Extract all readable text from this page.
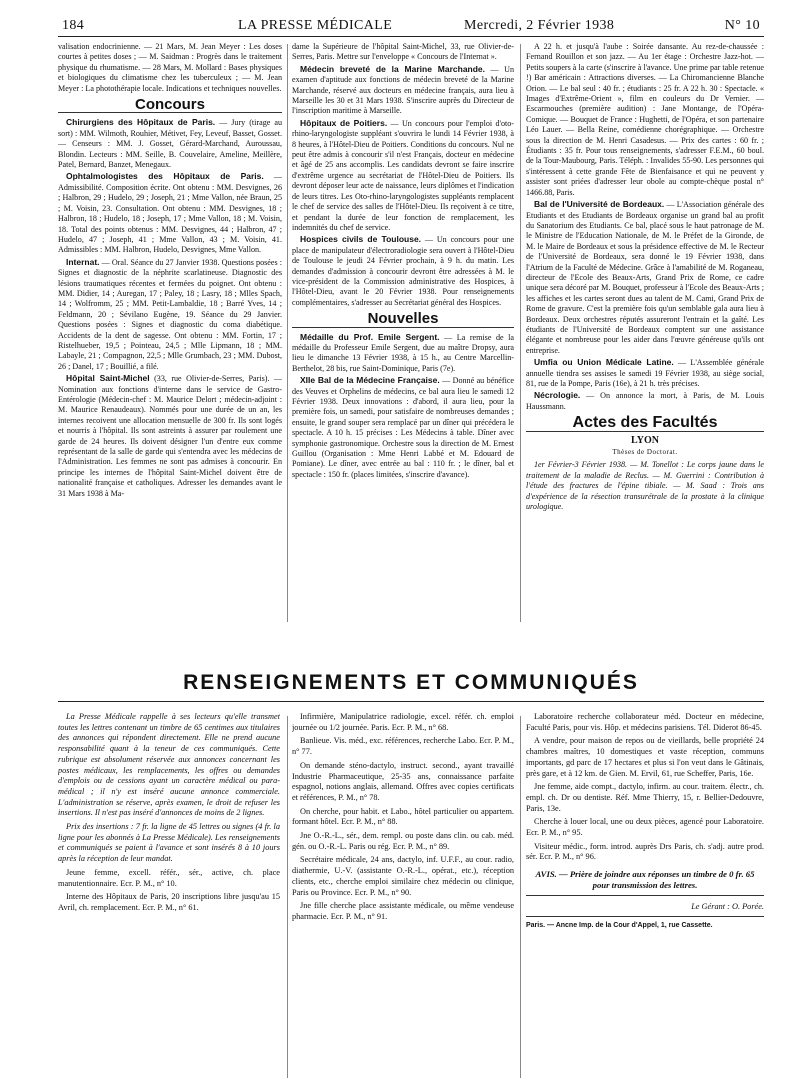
184	LA PRESSE MÉDICALE	Mercredi, 2 Février 1938	N° 10

valisation endocrinienne. — 21 Mars, M. Jean Meyer : Les doses courtes à petites doses ; — M. Saidman : Progrès dans le traitement physique du rhumatisme. — 28 Mars, M. Mollard : Bases physiques et biologiques du climatisme chez les tuberculeux ; — M. Jean Meyer : La photothérapie locale. Indications et techniques nouvelles.

Concours

Chirurgiens des Hôpitaux de Paris. — Jury (tirage au sort) : MM. Wilmoth, Rouhier, Métivet, Fey, Leveuf, Basset, Gosset. — Censeurs : MM. J. Gosset, Gérard-Marchand, Auroussau, Blondin. Lecteurs : MM. Seille, B. Couvelaire, Ameline, Meillère, Patel, Bernard, Banzet, Menegaux.

Ophtalmologistes des Hôpitaux de Paris. — Admissibilité. Composition écrite. Ont obtenu : MM. Desvignes, 26 ; Halbron, 29 ; Hudelo, 29 ; Joseph, 21 ; Mme Vallon, née Braun, 25 ; M. Voisin, 23. Consultation. Ont obtenu : MM. Desvignes, 18 ; Halbron, 18 ; Hudelo, 18 ; Joseph, 17 ; Mme Vallon, 18 ; M. Voisin, 18. Total des points obtenus : MM. Desvignes, 44 ; Halbron, 47 ; Hudelo, 47 ; Joseph, 41 ; Mme Vallon, 43 ; M. Voisin, 41. Admissibles : MM. Halbron, Hudelo, Desvignes, Mme Vallon.

Internat. — Oral. Séance du 27 Janvier 1938. Questions posées : Signes et diagnostic de la néphrite scarlatineuse. Diagnostic des lésions traumatiques récentes et fermées du poignet. Ont obtenu : MM. Didier, 14 ; Auregan, 17 ; Paley, 18 ; Lasry, 18 ; Mlles Spach, 14 ; Wolfromm, 25 ; MM. Petit-Lambaldie, 18 ; Barré Yves, 14 ; Feldmann, 20 ; Sévilano Eugène, 19. Séance du 29 Janvier. Questions posées : Signes et diagnostic du coma diabétique. Accidents de la dent de sagesse. Ont obtenu : MM. Fortin, 17 ; Ristelhueber, 19,5 ; Pointeau, 24,5 ; Mlle Lipmann, 18 ; MM. Labayle, 21 ; Compagnon, 22,5 ; Mlle Grumbach, 23 ; MM. Dubost, 26 ; Danel, 17 ; Bouillié, a filé.

Hôpital Saint-Michel (33, rue Olivier-de-Serres, Paris). — Nomination aux fonctions d'interne dans le service de Gastro-Entérologie (Médecin-chef : M. Maurice Delort ; médecin-adjoint : M. Maurice Renaudeaux). Nommés pour une durée de un an, les internes recoivent une allocation mensuelle de 300 fr. Ils sont logés et nourris à l'hôpital. Ils sont astreints à assurer par roulement une garde de 24 heures. Ils doivent désigner l'un d'entre eux comme représentant de la salle de garde qui s'entendra avec les médecins de l'Administration. Les femmes ne sont pas admises à concourir. En principe les internes de l'hôpital Saint-Michel doivent être de nationalité française et catholiques. Adresser les demandes avant le 31 Mars 1938 à Ma-

dame la Supérieure de l'hôpital Saint-Michel, 33, rue Olivier-de-Serres, Paris. Mettre sur l'enveloppe « Concours de l'Internat ».

Médecin breveté de la Marine Marchande. — Un examen d'aptitude aux fonctions de médecin breveté de la Marine Marchande, réservé aux docteurs en médecine français, aura lieu à Marseille les 30 et 31 Mars 1938. S'inscrire auprès du Directeur de l'inscription maritime à Marseille.

Hôpitaux de Poitiers. — Un concours pour l'emploi d'oto-rhino-laryngologiste suppléant s'ouvrira le lundi 14 Février 1938, à 8 heures, à l'Hôtel-Dieu de Poitiers. Conditions du concours. Nul ne peut être admis à concourir s'il n'est Français, docteur en médecine et âgé de 25 ans accomplis. Les candidats devront se faire inscrire d'extrême urgence au secrétariat de l'Hôtel-Dieu de Poitiers. Ils devront déposer leur acte de naissance, leurs diplômes et l'indication de leurs titres. Les Oto-rhino-laryngologistes suppléants remplacent le chef de service des salles de l'Hôtel-Dieu. Ils reçoivent à ce titre, et pendant la durée de leur fonction de remplacement, les indemnités du chef de service.

Hospices civils de Toulouse. — Un concours pour une place de manipulateur d'électroradiologie sera ouvert à l'Hôtel-Dieu de Toulouse le jeudi 24 Février prochain, à 9 h. du matin. Les demandes d'admission à concourir devront être adressées à M. le vice-président de la Commission administrative des Hospices, à l'Hôtel-Dieu, avant le 20 Février 1938. Pour renseignements complémentaires, s'adresser au Secrétariat général des Hospices.

Nouvelles

Médaille du Prof. Emile Sergent. — La remise de la médaille du Professeur Emile Sergent, due au maître Dropsy, aura lieu le dimanche 13 Février 1938, à 15 h., au Centre Marcellin-Berthelot, 28 bis, rue Saint-Dominique, Paris (7e).

XIIe Bal de la Médecine Française. — Donné au bénéfice des Veuves et Orphelins de médecins, ce bal aura lieu le samedi 12 Février 1938. Deux innovations : d'abord, il aura lieu, pour la première fois, un samedi, pour satisfaire de nombreuses demandes ; ensuite, le grand souper sera remplacé par un dîner qui précédera le spectacle. A 10 h. 15 précises : Les Médecins à table. Dîner avec symphonie gastronomique. Orchestre sous la direction de M. Ernest Guillou (Organisation : Mme Henri Labbé et M. Edouard de Pomiane). Le dîner, avec entrée au bal : 110 fr. ; le dîner, bal et spectacle : 150 fr. (places limitées, s'inscrire d'avance).

A 22 h. et jusqu'à l'aube : Soirée dansante. Au rez-de-chaussée : Fernand Rouillon et son jazz. — Au 1er étage : Orchestre Jazz-hot. — Petits soupers à la carte (s'inscrire à l'avance. Une prime par table retenue !) Bar américain : Attractions diverses. — La Chiromancienne Blanche Orion. — Le bal seul : 40 fr. ; étudiants : 25 fr. A 22 h. 30 : Spectacle. « Images d'Extrême-Orient », film en couleurs du Dr Vernier. — Escarmouches (première audition) : Jane Montange, de l'Opéra-Comique. — Bouquet de France : Hughetti, de l'Opéra, et son partenaire Léo Lauer. — Bella Reine, comédienne chorégraphique. — Orchestre sous la direction de M. Henri Casadesus. — Prix des cartes : 60 fr. ; Étudiants : 35 fr. Pour tous renseignements, s'adresser F.E.M., 60 boul. de la Tour-Maubourg, Paris. Téléph. : Invalides 55-90. Les personnes qui s'intéressent à cette grande Fête de Bienfaisance et qui ne peuvent y assister sont priées d'adresser leur obole au compte-chèque postal n° 1466.88, Paris.

Bal de l'Université de Bordeaux. — L'Association générale des Etudiants et des Etudiants de Bordeaux organise un grand bal au profit du Sanatorium des Etudiants. Ce bal, placé sous le haut patronage de M. le Ministre de l'Education Nationale, de M. le Préfet de la Gironde, de M. le Maire de Bordeaux et sous la présidence effective de M. le Recteur de l'Université de Bordeaux, sera donné le 19 Février 1938, dans l'Atrium de la Faculté de Médecine. Grâce à l'amabilité de M. Roganeau, directeur de l'Ecole des Beaux-Arts, Grand Prix de Rome, ce cadre unique sera décoré par M. Bouquet, professeur à l'Ecole des Beaux-Arts ; les affiches et les cartes seront dues au talent de M. Cami, Grand Prix de Rome de gravure. C'est la première fois qu'un semblable gala aura lieu à Bordeaux. Deux orchestres réputés assureront l'entrain et la gaîté. Les étudiants de l'Université de Bordeaux comptent sur une assistance élégante et nombreuse pour les aider dans l'œuvre généreuse qu'ils ont entreprise.

Umfia ou Union Médicale Latine. — L'Assemblée générale annuelle tiendra ses assises le samedi 19 Février 1938, au siège social, 81, rue de la Pompe, Paris (16e), à 21 h. très précises.

Nécrologie. — On annonce la mort, à Paris, de M. Louis Haussmann.

Actes des Facultés
LYON
Thèses de Doctorat.

1er Février-3 Février 1938. — M. Tonellot : Le corps jaune dans le traitement de la maladie de Reclus. — M. Guerrini : Contribution à l'étude des fractures de l'épine tibiale. — M. Saad : Trois ans d'expérience de la résection transurétrale de la prostate à la clinique urologique.

RENSEIGNEMENTS ET COMMUNIQUÉS

La Presse Médicale rappelle à ses lecteurs qu'elle transmet toutes les lettres contenant un timbre de 65 centimes aux titulaires des annonces qui répondent directement. Elle ne prend aucune responsabilité quant à la teneur de ces communiqués. Cette rubrique est absolument réservée aux annonces concernant les postes médicaux, les remplacements, les offres ou demandes d'emplois ou de cessions ayant un caractère médical ou para-médical ; il n'y est inséré aucune annonce commerciale. L'administration se réserve, après examen, le droit de refuser les insertions. Il n'est pas inséré d'annonces de moins de 2 lignes.

Prix des insertions : 7 fr. la ligne de 45 lettres ou signes (4 fr. la ligne pour les abonnés à La Presse Médicale). Les renseignements et communiqués se paient à l'avance et sont insérés 8 à 10 jours après la réception de leur mandat.

Jeune femme, excell. référ., sér., active, ch. place manutentionnaire. Ecr. P. M., n° 10.

Interne des Hôpitaux de Paris, 20 inscriptions libre jusqu'au 15 Avril, ch. remplacement. Ecr. P. M., n° 61.

Infirmière, Manipulatrice radiologie, excel. référ. ch. emploi journée ou 1/2 journée. Paris. Ecr. P. M., n° 68.

Banlieue. Vis. méd., exc. références, recherche Labo. Ecr. P. M., n° 77.

On demande sténo-dactylo, instruct. second., ayant travaillé Industrie Pharmaceutique, 25-35 ans, connaissance parfaite espagnol, notions anglais, allemand. Offres avec copies certificats et références, P. M., n° 78.

On cherche, pour habit. et Labo., hôtel particulier ou appartem. formant hôtel. Ecr. P. M., n° 88.

Jne O.-R.-L., sér., dem. rempl. ou poste dans clin. ou cab. méd. gén. ou O.-R.-L. Paris ou rég. Ecr. P. M., n° 89.

Secrétaire médicale, 24 ans, dactylo, inf. U.F.F., au cour. radio, diathermie, U.-V. (assistante O.-R.-L., opérat., etc.), réception clients, etc., cherche emploi similaire chez médecin ou clinique, Paris ou Province. Ecr. P. M., n° 90.

Jne fille cherche place assistante médicale, ou même vendeuse pharmacie. Ecr. P. M., n° 91.

Laboratoire recherche collaborateur méd. Docteur en médecine, Faculté Paris, pour vis. Hôp. et médecins parisiens. Tél. Diderot 86-45.

A vendre, pour maison de repos ou de vieillards, belle propriété 24 chambres maîtres, 10 domestiques et vaste réception, communs importants, gd parc de 17 hectares et plus si l'on veut dans le Gâtinais, près gare, et à 12 km. de Gien. M. Ervil, 61, rue Scheffer, Paris, 16e.

Jne femme, aide compt., dactylo, infirm. au cour. traitem. électr., ch. empl. ch. Dr ou dentiste. Réf. Mme Thierry, 15, r. Bellier-Dedouvre, Paris, 13e.

Cherche à louer local, une ou deux pièces, agencé pour Laboratoire. Ecr. P. M., n° 95.

Visiteur médic., form. introd. auprès Drs Paris, ch. s'adj. autre prod. sér. Ecr. P. M., n° 96.

AVIS. — Prière de joindre aux réponses un timbre de 0 fr. 65 pour transmission des lettres.
Le Gérant : O. Porée.
Paris. — Ancne Imp. de la Cour d'Appel, 1, rue Cassette.
